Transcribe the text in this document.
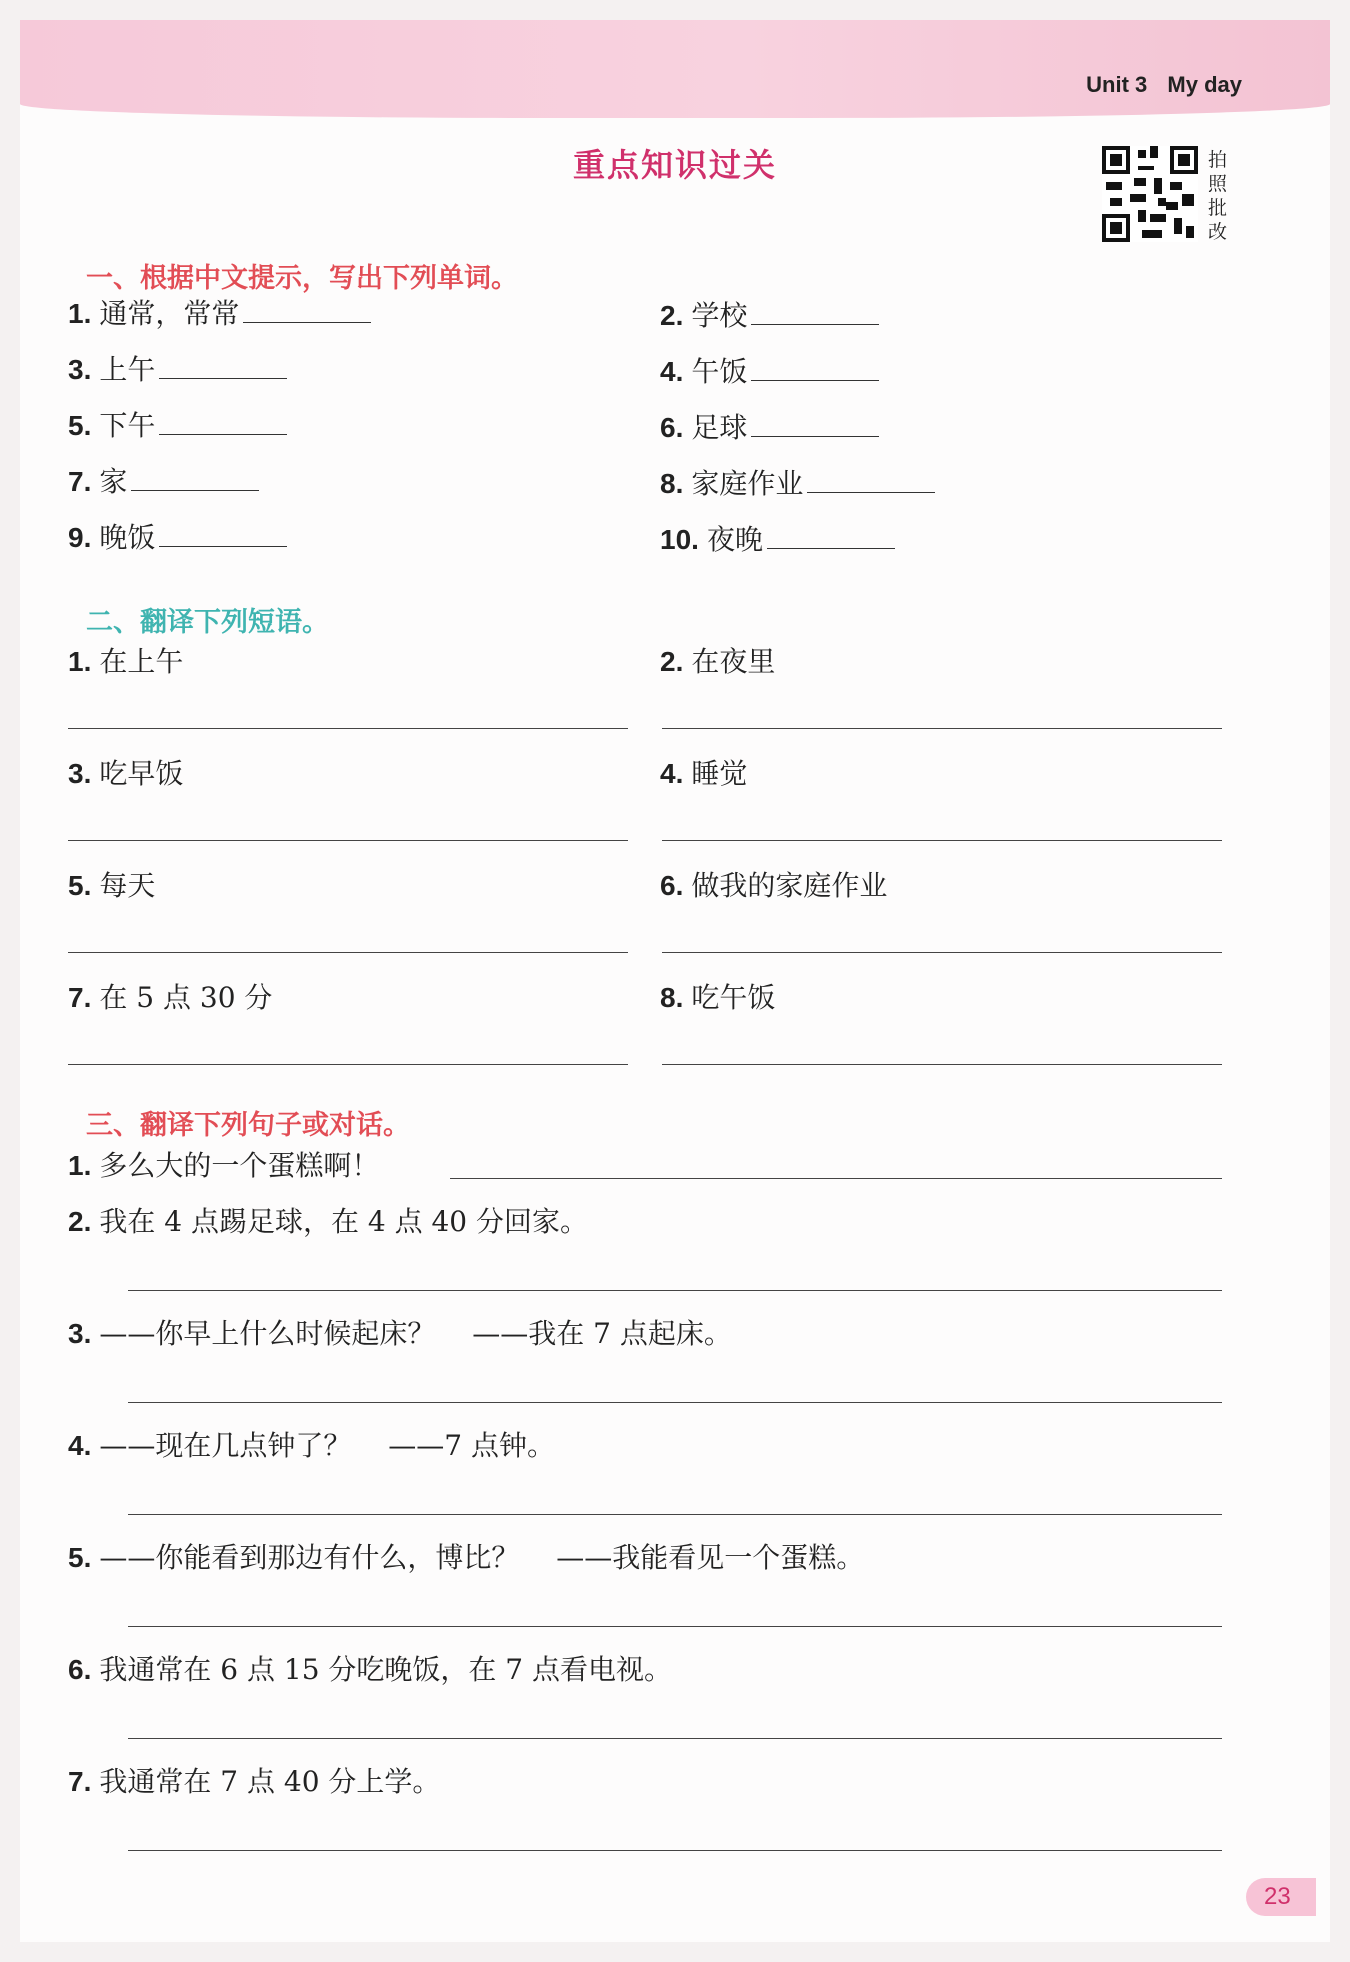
Unit 3 My day
重点知识过关	拍
照
批
改
一、根据中文提示，写出下列单词。
1. 通常，常常	2. 学校
3. 上午	4. 午饭
5. 下午	6. 足球
7. 家	8. 家庭作业
9. 晚饭	10. 夜晚
二、翻译下列短语。
1. 在上午	2. 在夜里
3. 吃早饭	4. 睡觉
5. 每天	6. 做我的家庭作业
7. 在 5 点 30 分	8. 吃午饭
三、翻译下列句子或对话。
1. 多么大的一个蛋糕啊！
2. 我在 4 点踢足球，在 4 点 40 分回家。
3. ——你早上什么时候起床？　 ——我在 7 点起床。
4. ——现在几点钟了？　 ——7 点钟。
5. ——你能看到那边有什么，博比？　 ——我能看见一个蛋糕。
6. 我通常在 6 点 15 分吃晚饭，在 7 点看电视。
7. 我通常在 7 点 40 分上学。
23
